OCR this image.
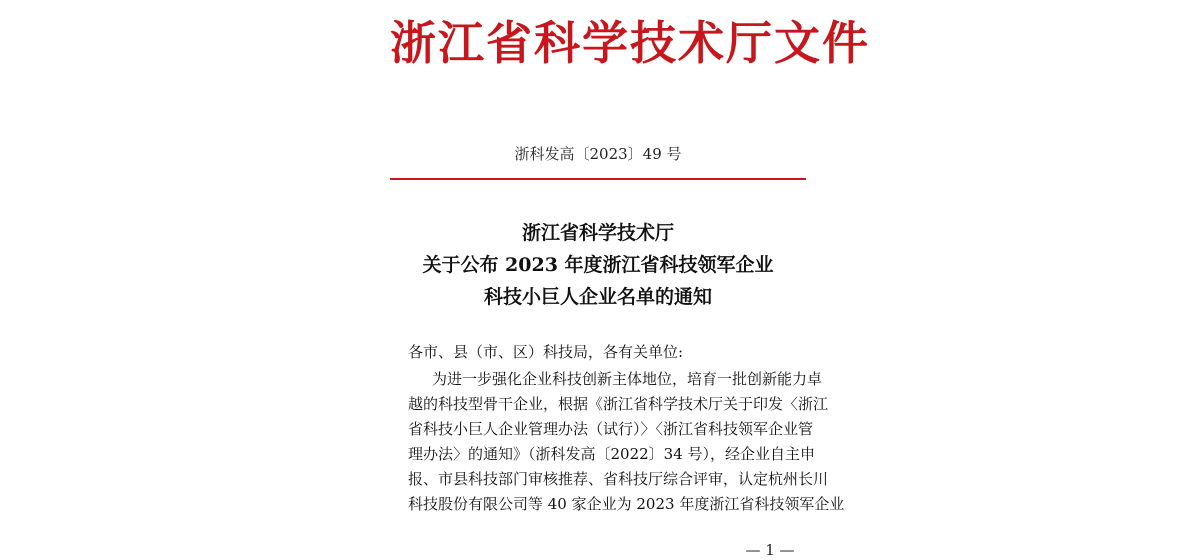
浙江省科学技术厅文件
浙科发高〔2023〕49 号
浙江省科学技术厅
关于公布 2023 年度浙江省科技领军企业
科技小巨人企业名单的通知
各市、县（市、区）科技局，各有关单位:
为进一步强化企业科技创新主体地位，培育一批创新能力卓
越的科技型骨干企业，根据《浙江省科学技术厅关于印发〈浙江
省科技小巨人企业管理办法（试行）〉〈浙江省科技领军企业管
理办法〉的通知》（浙科发高〔2022〕34 号），经企业自主申
报、市县科技部门审核推荐、省科技厅综合评审，认定杭州长川
科技股份有限公司等 40 家企业为 2023 年度浙江省科技领军企业
— 1 —
